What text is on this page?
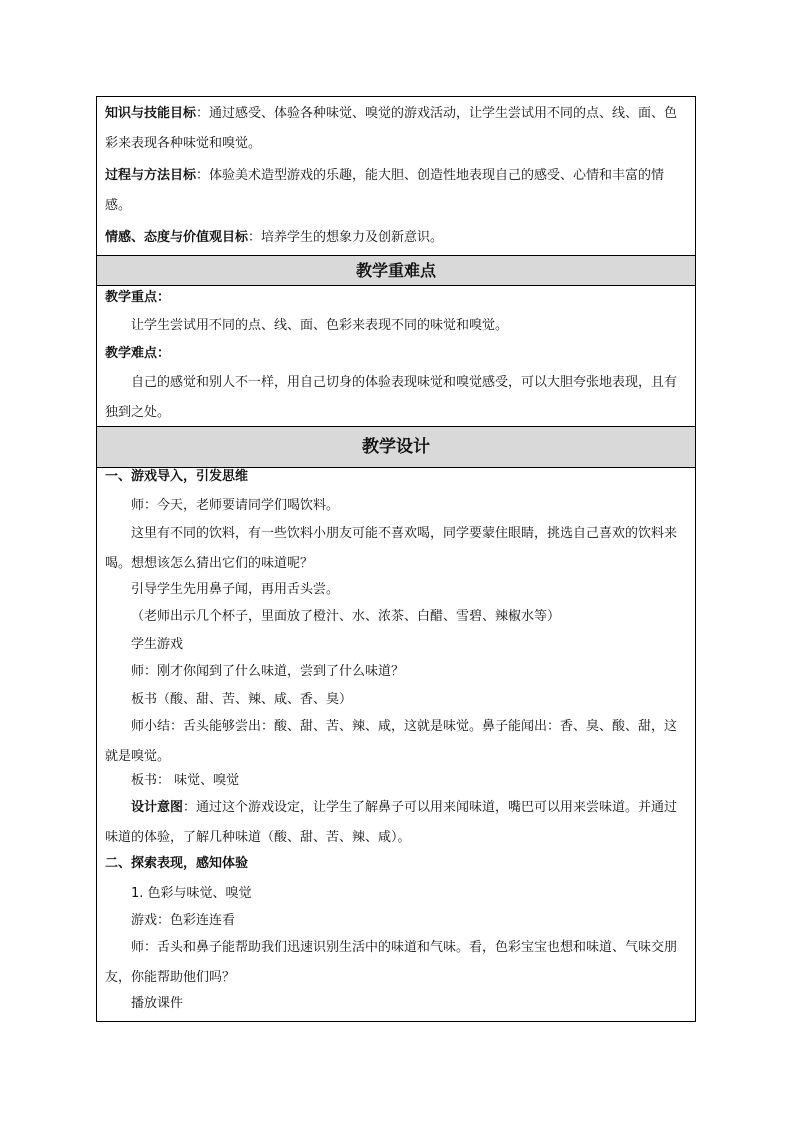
知识与技能目标：通过感受、体验各种味觉、嗅觉的游戏活动，让学生尝试用不同的点、线、面、色彩来表现各种味觉和嗅觉。

过程与方法目标：体验美术造型游戏的乐趣，能大胆、创造性地表现自己的感受、心情和丰富的情感。

情感、态度与价值观目标：培养学生的想象力及创新意识。

教学重难点

教学重点：

让学生尝试用不同的点、线、面、色彩来表现不同的味觉和嗅觉。

教学难点：

自己的感觉和别人不一样，用自己切身的体验表现味觉和嗅觉感受，可以大胆夸张地表现，且有独到之处。

教学设计

一、游戏导入，引发思维

师：今天，老师要请同学们喝饮料。

这里有不同的饮料，有一些饮料小朋友可能不喜欢喝，同学要蒙住眼睛，挑选自己喜欢的饮料来喝。想想该怎么猜出它们的味道呢？

引导学生先用鼻子闻，再用舌头尝。

（老师出示几个杯子，里面放了橙汁、水、浓茶、白醋、雪碧、辣椒水等）

学生游戏

师：刚才你闻到了什么味道，尝到了什么味道？

板书（酸、甜、苦、辣、咸、香、臭）

师小结：舌头能够尝出：酸、甜、苦、辣、咸，这就是味觉。鼻子能闻出：香、臭、酸、甜，这就是嗅觉。

板书： 味觉、嗅觉

设计意图：通过这个游戏设定，让学生了解鼻子可以用来闻味道，嘴巴可以用来尝味道。并通过味道的体验，了解几种味道（酸、甜、苦、辣、咸）。

二、探索表现，感知体验

1. 色彩与味觉、嗅觉

游戏：色彩连连看

师：舌头和鼻子能帮助我们迅速识别生活中的味道和气味。看，色彩宝宝也想和味道、气味交朋友，你能帮助他们吗？

播放课件
